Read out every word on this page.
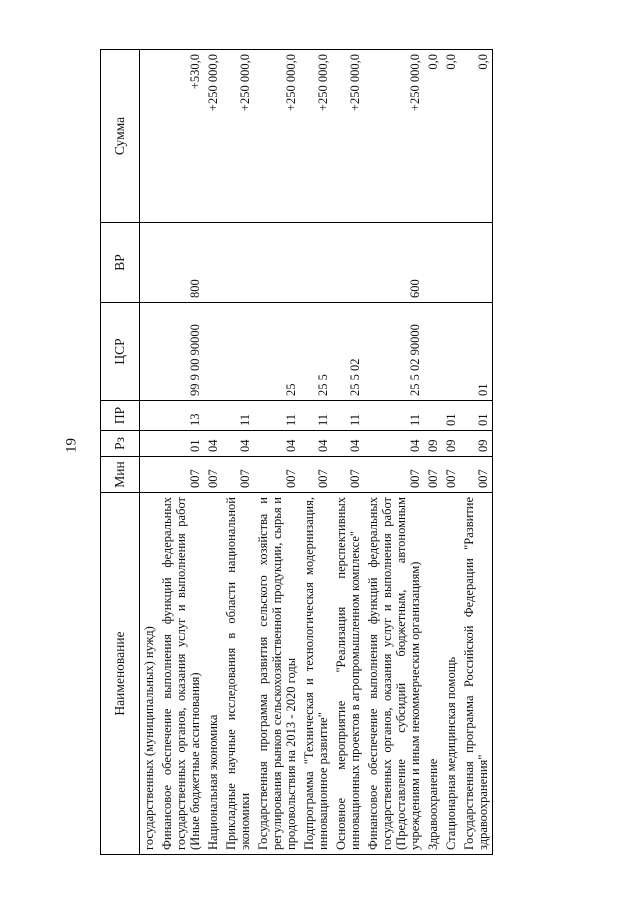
19
Наименование	Мин	Рз	ПР	ЦСР	ВР	Сумма
государственных (муниципальных) нужд)						
Финансовое обеспечение выполнения функций федеральных государственных органов, оказания услуг и выполнения работ (Иные бюджетные ассигнования)	007	01	13	99 9 00 90000	800	+530,0
Национальная экономика	007	04				+250 000,0
Прикладные научные исследования в области национальной экономики	007	04	11			+250 000,0
Государственная программа развития сельского хозяйства и регулирования рынков сельскохозяйственной продукции, сырья и продовольствия на 2013 - 2020 годы	007	04	11	25		+250 000,0
Подпрограмма "Техническая и технологическая модернизация, инновационное развитие"	007	04	11	25 5		+250 000,0
Основное мероприятие "Реализация перспективных инновационных проектов в агропромышленном комплексе"	007	04	11	25 5 02		+250 000,0
Финансовое обеспечение выполнения функций федеральных государственных органов, оказания услуг и выполнения работ (Предоставление субсидий бюджетным, автономным учреждениям и иным некоммерческим организациям)	007	04	11	25 5 02 90000	600	+250 000,0
Здравоохранение	007	09				0,0
Стационарная медицинская помощь	007	09	01			0,0
Государственная программа Российской Федерации "Развитие здравоохранения"	007	09	01	01		0,0
